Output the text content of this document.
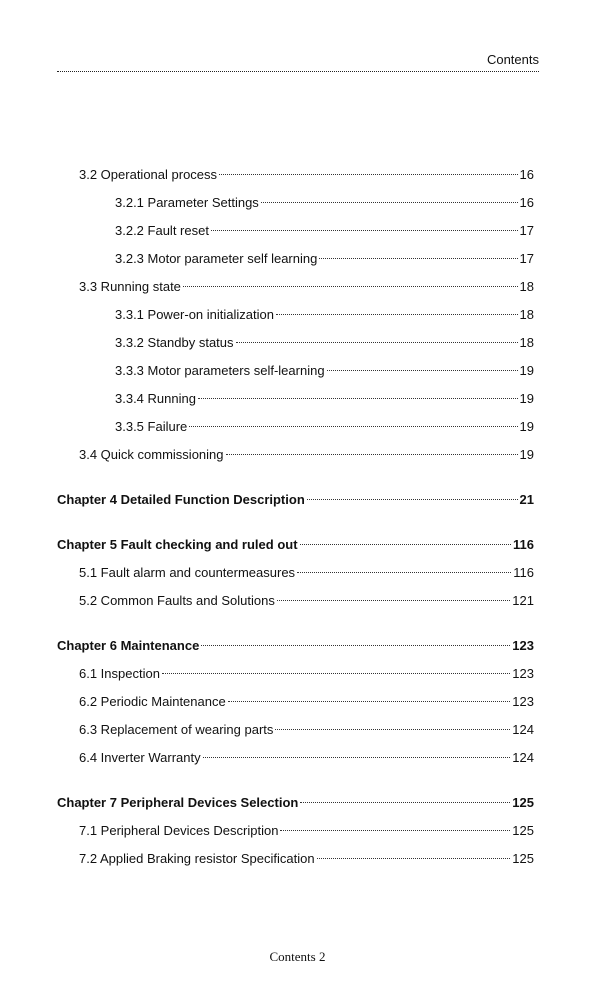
Contents
3.2 Operational process	16
3.2.1 Parameter Settings	16
3.2.2 Fault reset	17
3.2.3 Motor parameter self learning	17
3.3 Running state	18
3.3.1 Power-on initialization	18
3.3.2 Standby status	18
3.3.3 Motor parameters self-learning	19
3.3.4 Running	19
3.3.5 Failure	19
3.4 Quick commissioning	19
Chapter 4 Detailed Function Description	21
Chapter 5 Fault checking and ruled out	116
5.1 Fault alarm and countermeasures	116
5.2 Common Faults and Solutions	121
Chapter 6 Maintenance	123
6.1 Inspection	123
6.2 Periodic Maintenance	123
6.3 Replacement of wearing parts	124
6.4 Inverter Warranty	124
Chapter 7 Peripheral Devices Selection	125
7.1 Peripheral Devices Description	125
7.2 Applied Braking resistor Specification	125
Contents 2
